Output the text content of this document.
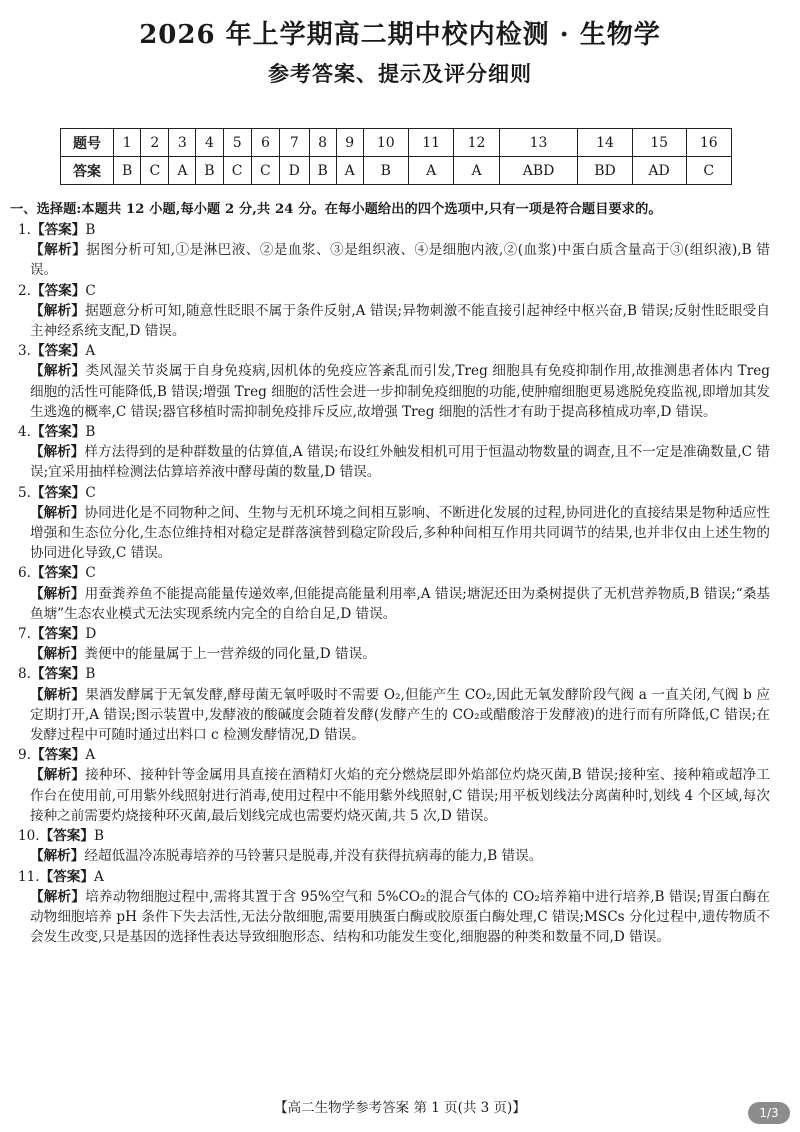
2026 年上学期高二期中校内检测 · 生物学
参考答案、提示及评分细则
题号	1	2	3	4	5	6	7	8	9	10	11	12	13	14	15	16
答案	B	C	A	B	C	C	D	B	A	B	A	A	ABD	BD	AD	C
一、选择题:本题共 12 小题,每小题 2 分,共 24 分。在每小题给出的四个选项中,只有一项是符合题目要求的。
1.【答案】B
【解析】据图分析可知,①是淋巴液、②是血浆、③是组织液、④是细胞内液,②(血浆)中蛋白质含量高于③(组织液),B 错误。
2.【答案】C
【解析】据题意分析可知,随意性眨眼不属于条件反射,A 错误;异物刺激不能直接引起神经中枢兴奋,B 错误;反射性眨眼受自主神经系统支配,D 错误。
3.【答案】A
【解析】类风湿关节炎属于自身免疫病,因机体的免疫应答紊乱而引发,Treg 细胞具有免疫抑制作用,故推测患者体内 Treg 细胞的活性可能降低,B 错误;增强 Treg 细胞的活性会进一步抑制免疫细胞的功能,使肿瘤细胞更易逃脱免疫监视,即增加其发生逃逸的概率,C 错误;器官移植时需抑制免疫排斥反应,故增强 Treg 细胞的活性才有助于提高移植成功率,D 错误。
4.【答案】B
【解析】样方法得到的是种群数量的估算值,A 错误;布设红外触发相机可用于恒温动物数量的调查,且不一定是准确数量,C 错误;宜采用抽样检测法估算培养液中酵母菌的数量,D 错误。
5.【答案】C
【解析】协同进化是不同物种之间、生物与无机环境之间相互影响、不断进化发展的过程,协同进化的直接结果是物种适应性增强和生态位分化,生态位维持相对稳定是群落演替到稳定阶段后,多种种间相互作用共同调节的结果,也并非仅由上述生物的协同进化导致,C 错误。
6.【答案】C
【解析】用蚕粪养鱼不能提高能量传递效率,但能提高能量利用率,A 错误;塘泥还田为桑树提供了无机营养物质,B 错误;“桑基鱼塘”生态农业模式无法实现系统内完全的自给自足,D 错误。
7.【答案】D
【解析】粪便中的能量属于上一营养级的同化量,D 错误。
8.【答案】B
【解析】果酒发酵属于无氧发酵,酵母菌无氧呼吸时不需要 O₂,但能产生 CO₂,因此无氧发酵阶段气阀 a 一直关闭,气阀 b 应定期打开,A 错误;图示装置中,发酵液的酸碱度会随着发酵(发酵产生的 CO₂或醋酸溶于发酵液)的进行而有所降低,C 错误;在发酵过程中可随时通过出料口 c 检测发酵情况,D 错误。
9.【答案】A
【解析】接种环、接种针等金属用具直接在酒精灯火焰的充分燃烧层即外焰部位灼烧灭菌,B 错误;接种室、接种箱或超净工作台在使用前,可用紫外线照射进行消毒,使用过程中不能用紫外线照射,C 错误;用平板划线法分离菌种时,划线 4 个区域,每次接种之前需要灼烧接种环灭菌,最后划线完成也需要灼烧灭菌,共 5 次,D 错误。
10.【答案】B
【解析】经超低温冷冻脱毒培养的马铃薯只是脱毒,并没有获得抗病毒的能力,B 错误。
11.【答案】A
【解析】培养动物细胞过程中,需将其置于含 95%空气和 5%CO₂的混合气体的 CO₂培养箱中进行培养,B 错误;胃蛋白酶在动物细胞培养 pH 条件下失去活性,无法分散细胞,需要用胰蛋白酶或胶原蛋白酶处理,C 错误;MSCs 分化过程中,遗传物质不会发生改变,只是基因的选择性表达导致细胞形态、结构和功能发生变化,细胞器的种类和数量不同,D 错误。
【高二生物学参考答案 第 1 页(共 3 页)】	1/3
